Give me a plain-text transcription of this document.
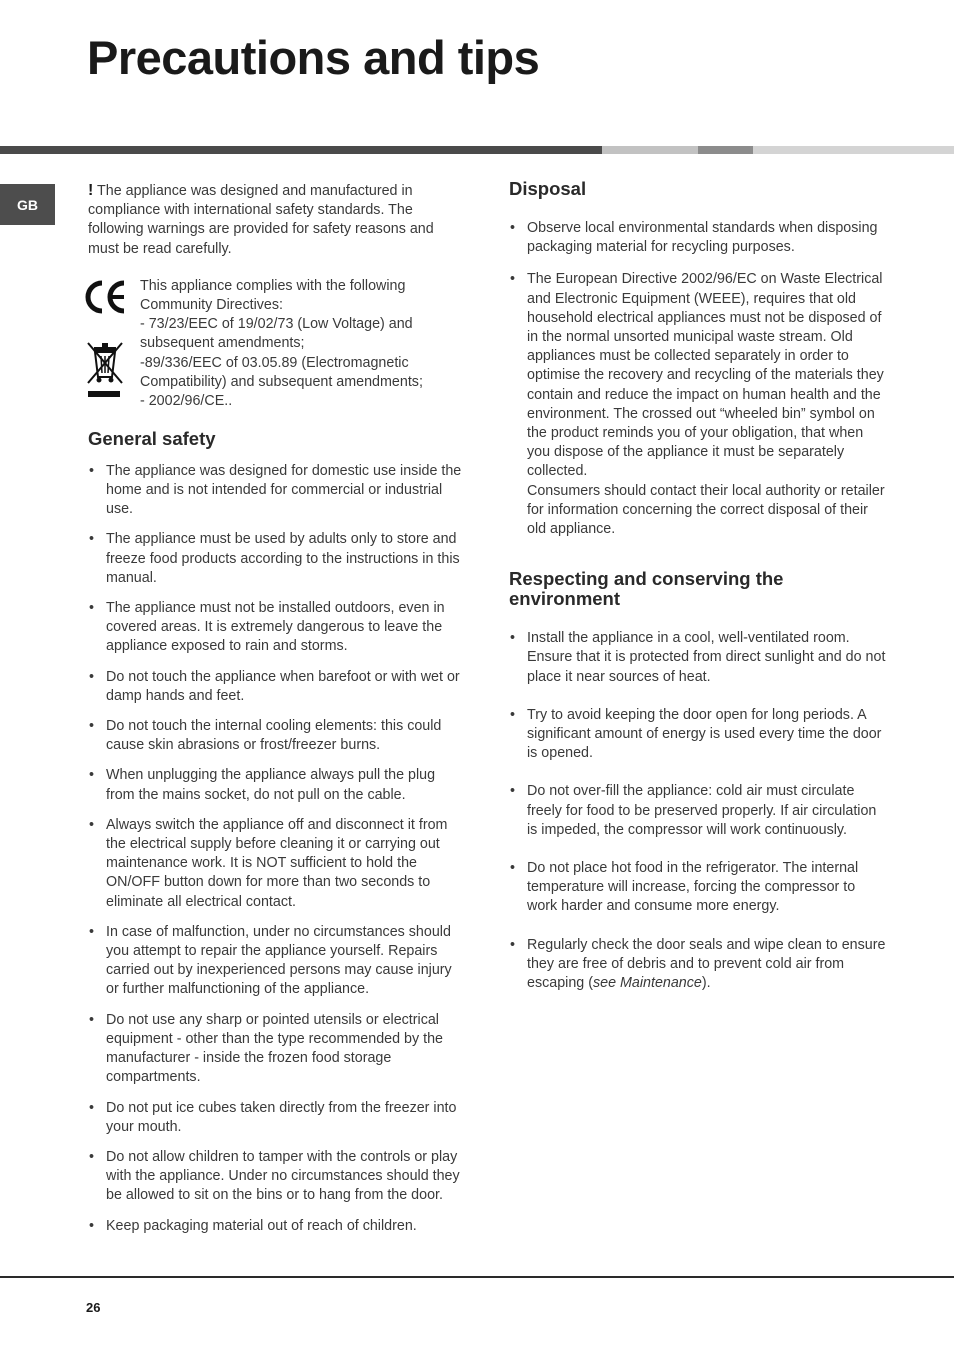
Precautions and tips
GB

! The appliance was designed and manufactured in compliance with international safety standards. The following warnings are provided for safety reasons and must be read carefully.

This appliance complies with the following Community Directives:
- 73/23/EEC of 19/02/73 (Low Voltage) and subsequent amendments;
-89/336/EEC of 03.05.89 (Electromagnetic Compatibility) and subsequent amendments;
- 2002/96/CE..
General safety
• The appliance was designed for domestic use inside the home and is not intended for commercial or industrial use.
• The appliance must be used by adults only to store and freeze food products according to the instructions in this manual.
• The appliance must not be installed outdoors, even in covered areas. It is extremely dangerous to leave the appliance exposed to rain and storms.
• Do not touch the appliance when barefoot or with wet or damp hands and feet.
• Do not touch the internal cooling elements: this could cause skin abrasions or frost/freezer burns.
• When unplugging the appliance always pull the plug from the mains socket, do not pull on the cable.
• Always switch the appliance off and disconnect it from the electrical supply before cleaning it or carrying out maintenance work. It is NOT sufficient to hold the ON/OFF button down for more than two seconds to eliminate all electrical contact.
• In case of malfunction, under no circumstances should you attempt to repair the appliance yourself. Repairs carried out by inexperienced persons may cause injury or further malfunctioning of the appliance.
• Do not use any sharp or pointed utensils or electrical equipment - other than the type recommended by the manufacturer - inside the frozen food storage compartments.
• Do not put ice cubes taken directly from the freezer into your mouth.
• Do not allow children to tamper with the controls or play with the appliance. Under no circumstances should they be allowed to sit on the bins or to hang from the door.
• Keep packaging material out of reach of children.
Disposal
• Observe local environmental standards when disposing packaging material for recycling purposes.
• The European Directive 2002/96/EC on Waste Electrical and Electronic Equipment (WEEE), requires that old household electrical appliances must not be disposed of in the normal unsorted municipal waste stream. Old appliances must be collected separately in order to optimise the recovery and recycling of the materials they contain and reduce the impact on human health and the environment. The crossed out “wheeled bin” symbol on the product reminds you of your obligation, that when you dispose of the appliance it must be separately collected.
Consumers should contact their local authority or retailer for information concerning the correct disposal of their old appliance.
Respecting and conserving the environment
• Install the appliance in a cool, well-ventilated room. Ensure that it is protected from direct sunlight and do not place it near sources of heat.
• Try to avoid keeping the door open for long periods. A significant amount of energy is used every time the door is opened.
• Do not over-fill the appliance: cold air must circulate freely for food to be preserved properly. If air circulation is impeded, the compressor will work continuously.
• Do not place hot food in the refrigerator. The internal temperature will increase, forcing the compressor to work harder and consume more energy.
• Regularly check the door seals and wipe clean to ensure they are free of debris and to prevent cold air from escaping (see Maintenance).
26
